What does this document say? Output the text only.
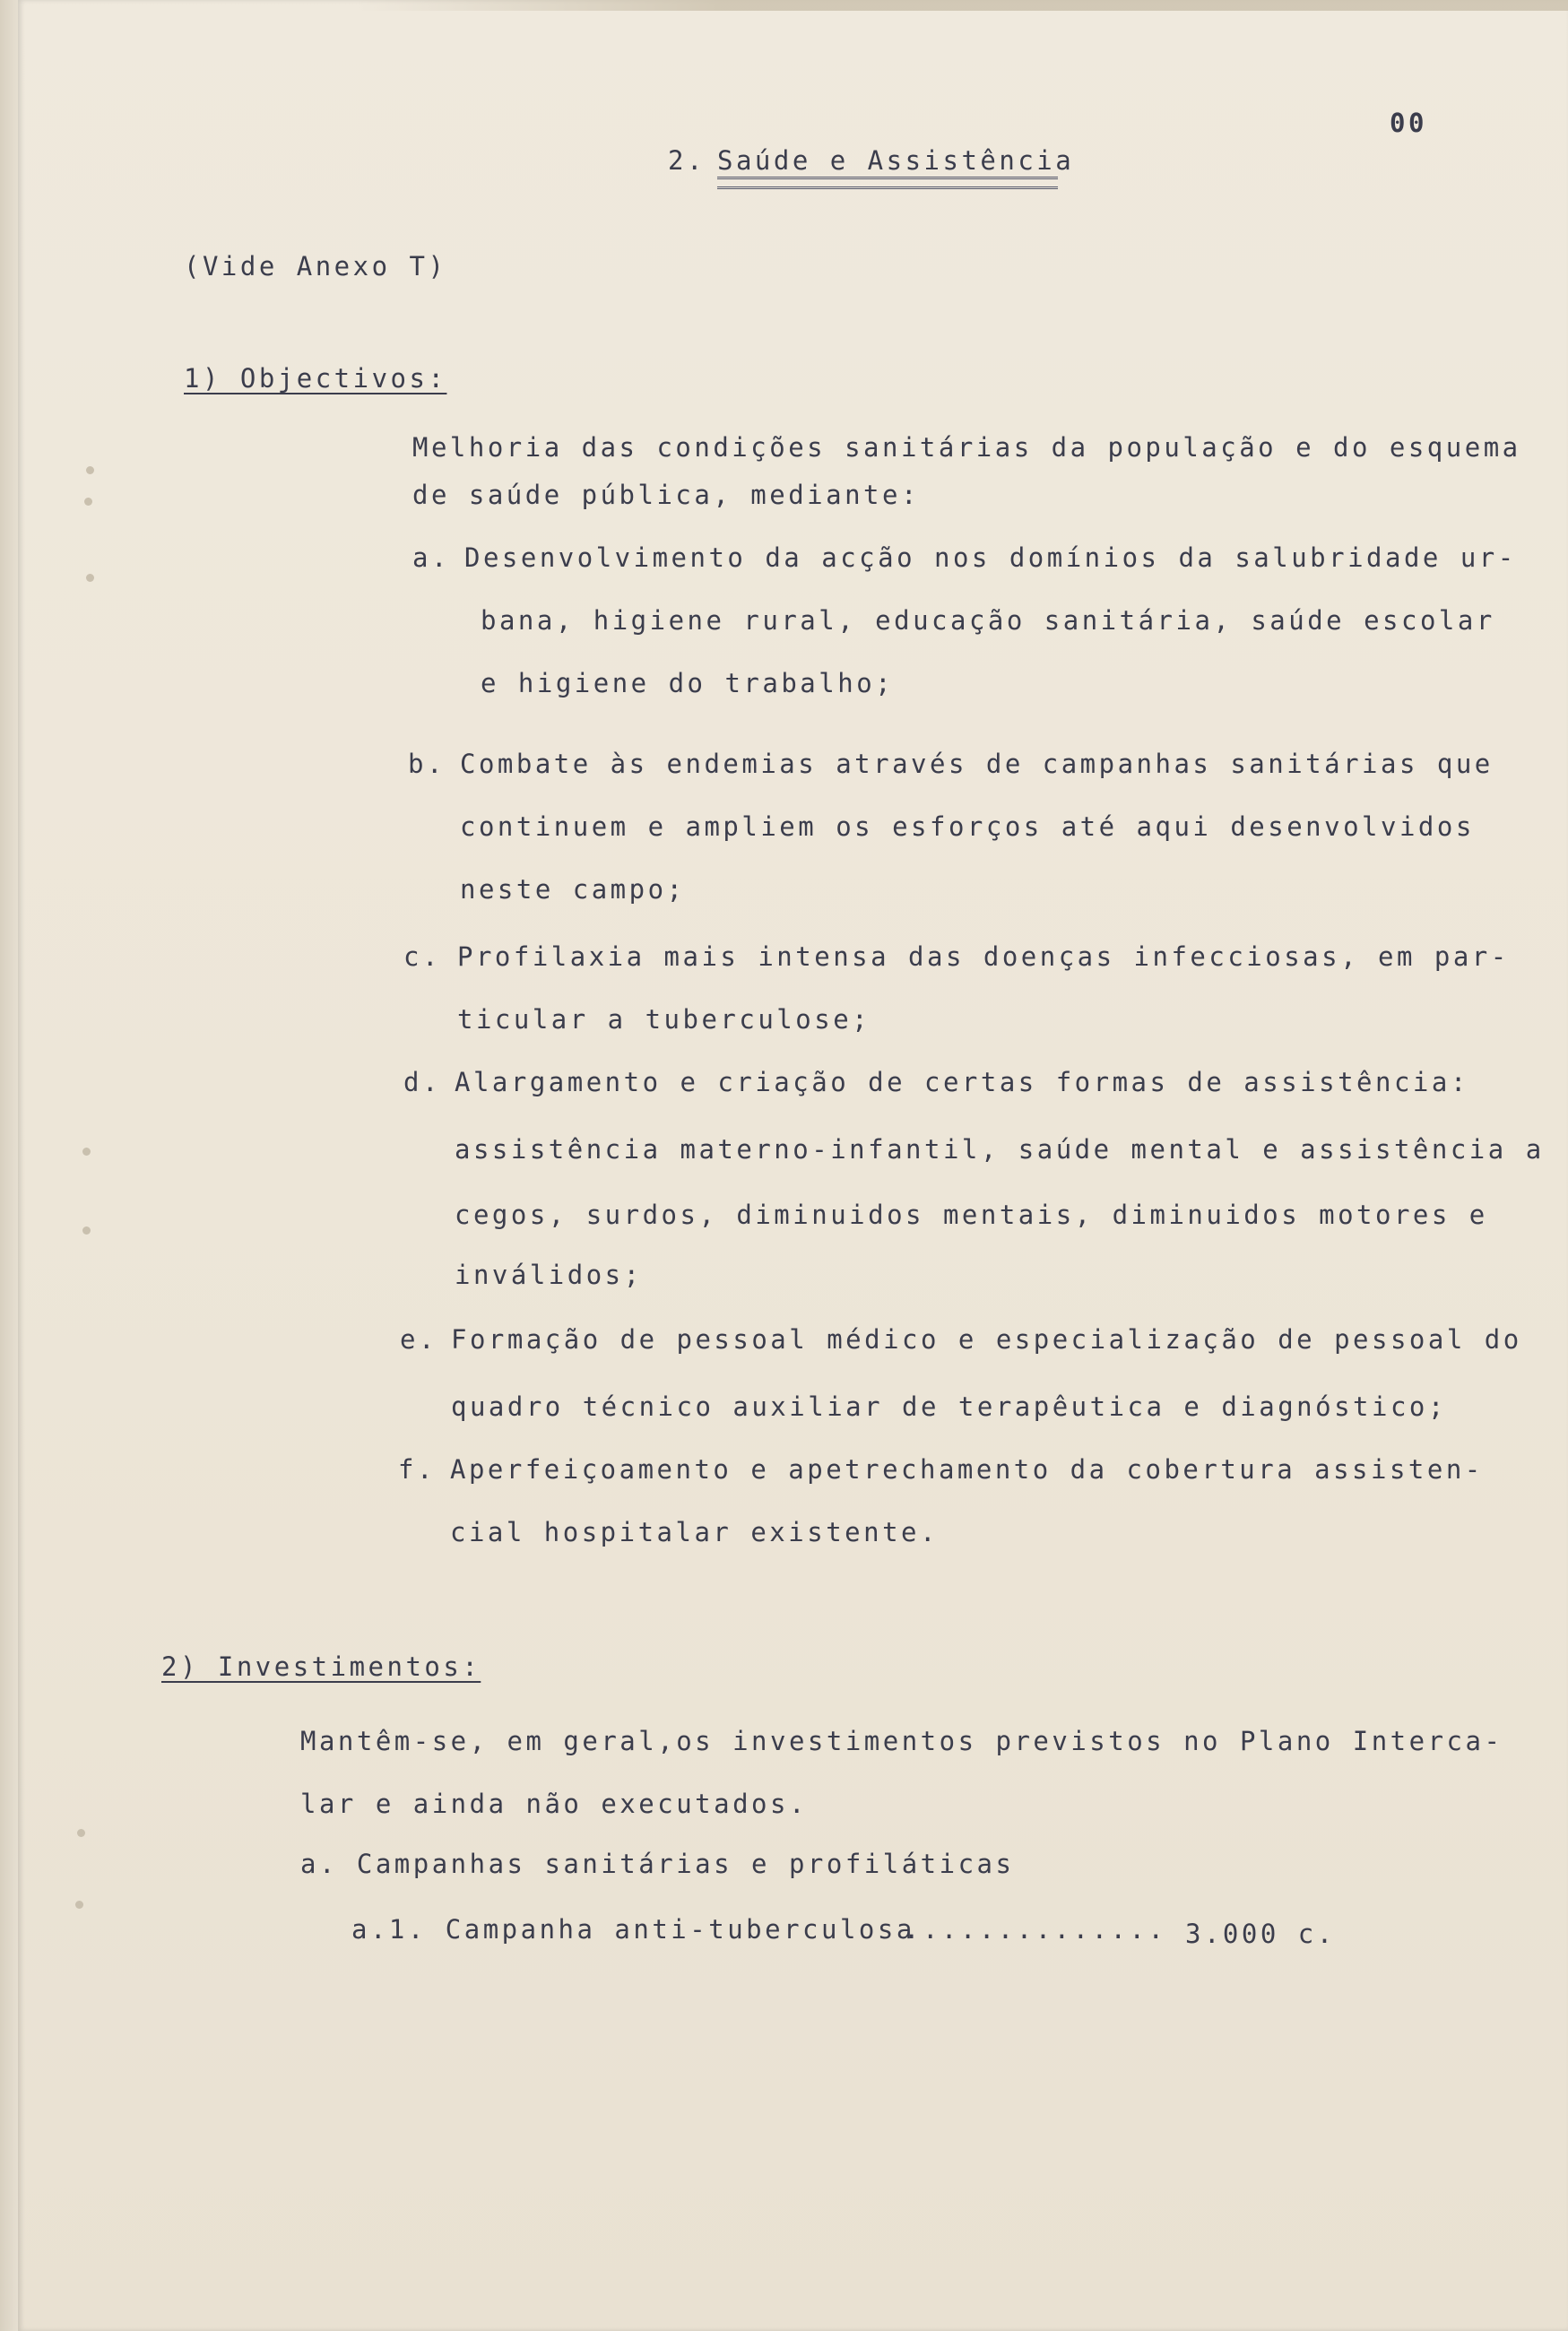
00
2. Saúde e Assistência
(Vide Anexo T)
1) Objectivos:
Melhoria das condições sanitárias da população e do esquema
de saúde pública, mediante:
a. Desenvolvimento da acção nos domínios da salubridade ur-
bana, higiene rural, educação sanitária, saúde escolar
e higiene do trabalho;
b. Combate às endemias através de campanhas sanitárias que
continuem e ampliem os esforços até aqui desenvolvidos
neste campo;
c. Profilaxia mais intensa das doenças infecciosas, em par-
ticular a tuberculose;
d. Alargamento e criação de certas formas de assistência:
assistência materno-infantil, saúde mental e assistência a
cegos, surdos, diminuidos mentais, diminuidos motores e
inválidos;
e. Formação de pessoal médico e especialização de pessoal do
quadro técnico auxiliar de terapêutica e diagnóstico;
f. Aperfeiçoamento e apetrechamento da cobertura assisten-
cial hospitalar existente.
2) Investimentos:
Mantêm-se, em geral,os investimentos previstos no Plano Interca-
lar e ainda não executados.
a. Campanhas sanitárias e profiláticas
a.1. Campanha anti-tuberculosa
.............. 3.000 c.
